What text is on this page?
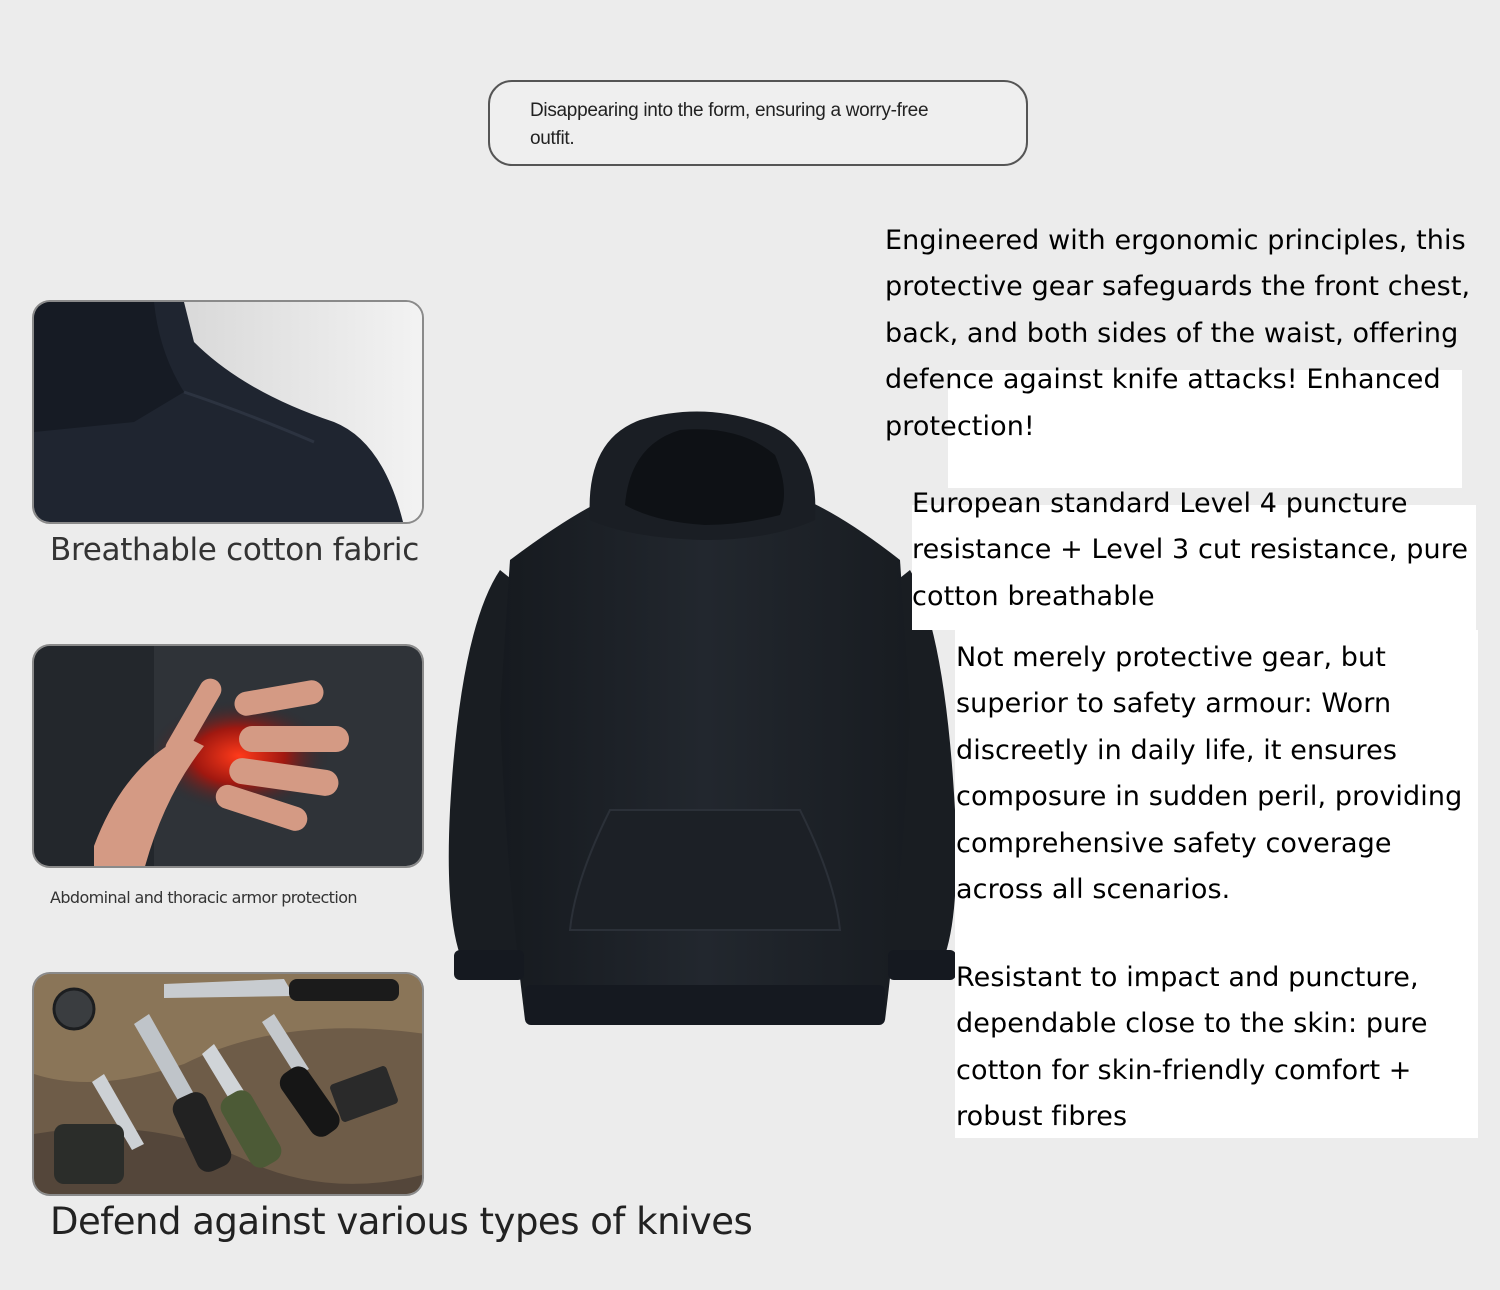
Disappearing into the form, ensuring a worry-free outfit.
Breathable cotton fabric
Abdominal and thoracic armor protection
Defend against various types of knives
Engineered with ergonomic principles, this protective gear safeguards the front chest, back, and both sides of the waist, offering defence against knife attacks! Enhanced protection!
European standard Level 4 puncture resistance + Level 3 cut resistance, pure cotton breathable
Not merely protective gear, but superior to safety armour: Worn discreetly in daily life, it ensures composure in sudden peril, providing comprehensive safety coverage across all scenarios.
Resistant to impact and puncture, dependable close to the skin: pure cotton for skin-friendly comfort + robust fibres
